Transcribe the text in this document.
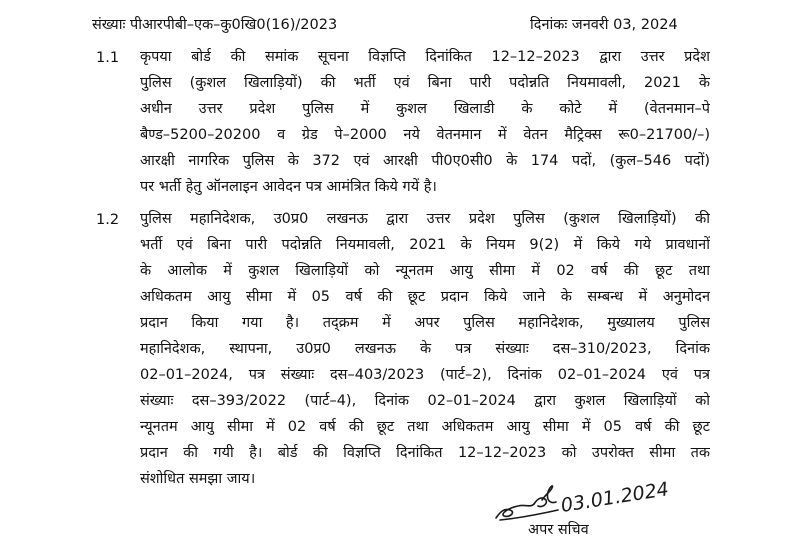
संख्याः पीआरपीबी–एक–कु0खि0(16)/2023	दिनांकः जनवरी 03, 2024
1.1 कृपया बोर्ड की समांक सूचना विज्ञप्ति दिनांकित 12–12–2023 द्वारा उत्तर प्रदेश
पुलिस (कुशल खिलाड़ियों) की भर्ती एवं बिना पारी पदोन्नति नियमावली, 2021 के
अधीन उत्तर प्रदेश पुलिस में कुशल खिलाडी के कोटे में (वेतनमान–पे
बैण्ड–5200–20200 व ग्रेड पे–2000 नये वेतनमान में वेतन मैट्रिक्स रू0–21700/–)
आरक्षी नागरिक पुलिस के 372 एवं आरक्षी पी0ए0सी0 के 174 पदों, (कुल–546 पदों)
पर भर्ती हेतु ऑनलाइन आवेदन पत्र आमंत्रित किये गयें है।
1.2 पुलिस महानिदेशक, उ0प्र0 लखनऊ द्वारा उत्तर प्रदेश पुलिस (कुशल खिलाड़ियों) की
भर्ती एवं बिना पारी पदोन्नति नियमावली, 2021 के नियम 9(2) में किये गये प्रावधानों
के आलोक में कुशल खिलाड़ियों को न्यूनतम आयु सीमा में 02 वर्ष की छूट तथा
अधिकतम आयु सीमा में 05 वर्ष की छूट प्रदान किये जाने के सम्बन्ध में अनुमोदन
प्रदान किया गया है। तद्क्रम में अपर पुलिस महानिदेशक, मुख्यालय पुलिस
महानिदेशक, स्थापना, उ0प्र0 लखनऊ के पत्र संख्याः दस–310/2023, दिनांक
02–01–2024, पत्र संख्याः दस–403/2023 (पार्ट–2), दिनांक 02–01–2024 एवं पत्र
संख्याः दस–393/2022 (पार्ट–4), दिनांक 02–01–2024 द्वारा कुशल खिलाड़ियों को
न्यूनतम आयु सीमा में 02 वर्ष की छूट तथा अधिकतम आयु सीमा में 05 वर्ष की छूट
प्रदान की गयी है। बोर्ड की विज्ञप्ति दिनांकित 12–12–2023 को उपरोक्त सीमा तक
संशोधित समझा जाय।	03.01.2024
अपर सचिव
